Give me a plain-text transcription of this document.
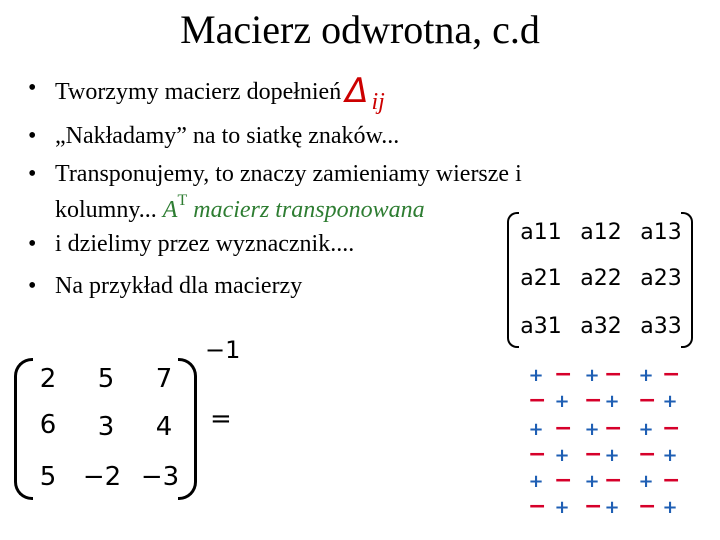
Macierz odwrotna, c.d
• Tworzymy macierz dopełnień Δ ij
• „Nakładamy” na to siatkę znaków...
• Transponujemy, to znaczy zamieniamy wiersze i
kolumny... $A^T$ macierz transponowana
• i dzielimy przez wyznacznik....
• Na przykład dla macierzy
a11 a12 a13
a21 a22 a23
a31 a32 a33
2	5	7
6	3	4
5	−2 −3
−1
=
+ − + − + −
− + − + − +
+ − + − + −
− + − + − +
+ − + − + −
− + − + − +
